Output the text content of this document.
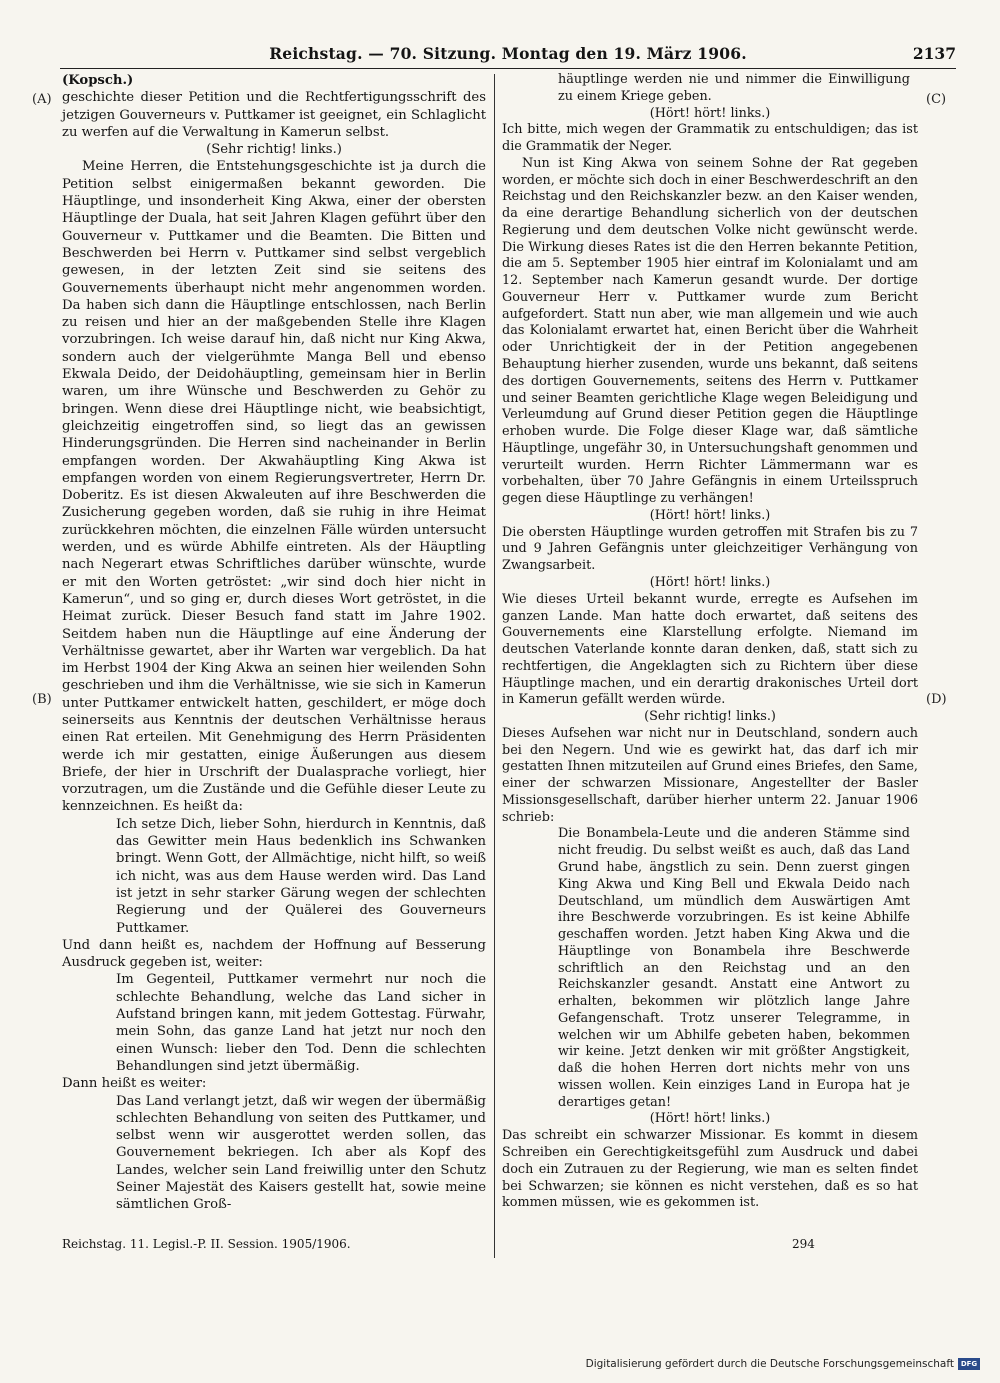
Reichstag. — 70. Sitzung. Montag den 19. März 1906.	2137

(Kopsch.)

geschichte dieser Petition und die Rechtfertigungsschrift des jetzigen Gouverneurs v. Puttkamer ist geeignet, ein Schlaglicht zu werfen auf die Verwaltung in Kamerun selbst.

(Sehr richtig! links.)

Meine Herren, die Entstehungsgeschichte ist ja durch die Petition selbst einigermaßen bekannt geworden. Die Häuptlinge, und insonderheit King Akwa, einer der obersten Häuptlinge der Duala, hat seit Jahren Klagen geführt über den Gouverneur v. Puttkamer und die Beamten. Die Bitten und Beschwerden bei Herrn v. Puttkamer sind selbst vergeblich gewesen, in der letzten Zeit sind sie seitens des Gouvernements überhaupt nicht mehr angenommen worden. Da haben sich dann die Häuptlinge entschlossen, nach Berlin zu reisen und hier an der maßgebenden Stelle ihre Klagen vorzubringen. Ich weise darauf hin, daß nicht nur King Akwa, sondern auch der vielgerühmte Manga Bell und ebenso Ekwala Deido, der Deidohäuptling, gemeinsam hier in Berlin waren, um ihre Wünsche und Beschwerden zu Gehör zu bringen. Wenn diese drei Häuptlinge nicht, wie beabsichtigt, gleichzeitig eingetroffen sind, so liegt das an gewissen Hinderungsgründen. Die Herren sind nacheinander in Berlin empfangen worden. Der Akwahäuptling King Akwa ist empfangen worden von einem Regierungsvertreter, Herrn Dr. Doberitz. Es ist diesen Akwaleuten auf ihre Beschwerden die Zusicherung gegeben worden, daß sie ruhig in ihre Heimat zurückkehren möchten, die einzelnen Fälle würden untersucht werden, und es würde Abhilfe eintreten. Als der Häuptling nach Negerart etwas Schriftliches darüber wünschte, wurde er mit den Worten getröstet: „wir sind doch hier nicht in Kamerun“, und so ging er, durch dieses Wort getröstet, in die Heimat zurück. Dieser Besuch fand statt im Jahre 1902. Seitdem haben nun die Häuptlinge auf eine Änderung der Verhältnisse gewartet, aber ihr Warten war vergeblich. Da hat im Herbst 1904 der King Akwa an seinen hier weilenden Sohn geschrieben und ihm die Verhältnisse, wie sie sich in Kamerun unter Puttkamer entwickelt hatten, geschildert, er möge doch seinerseits aus Kenntnis der deutschen Verhältnisse heraus einen Rat erteilen. Mit Genehmigung des Herrn Präsidenten werde ich mir gestatten, einige Äußerungen aus diesem Briefe, der hier in Urschrift der Dualasprache vorliegt, hier vorzutragen, um die Zustände und die Gefühle dieser Leute zu kennzeichnen. Es heißt da:

Ich setze Dich, lieber Sohn, hierdurch in Kenntnis, daß das Gewitter mein Haus bedenklich ins Schwanken bringt. Wenn Gott, der Allmächtige, nicht hilft, so weiß ich nicht, was aus dem Hause werden wird. Das Land ist jetzt in sehr starker Gärung wegen der schlechten Regierung und der Quälerei des Gouverneurs Puttkamer.

Und dann heißt es, nachdem der Hoffnung auf Besserung Ausdruck gegeben ist, weiter:

Im Gegenteil, Puttkamer vermehrt nur noch die schlechte Behandlung, welche das Land sicher in Aufstand bringen kann, mit jedem Gottestag. Fürwahr, mein Sohn, das ganze Land hat jetzt nur noch den einen Wunsch: lieber den Tod. Denn die schlechten Behandlungen sind jetzt übermäßig.

Dann heißt es weiter:

Das Land verlangt jetzt, daß wir wegen der übermäßig schlechten Behandlung von seiten des Puttkamer, und selbst wenn wir ausgerottet werden sollen, das Gouvernement bekriegen. Ich aber als Kopf des Landes, welcher sein Land freiwillig unter den Schutz Seiner Majestät des Kaisers gestellt hat, sowie meine sämtlichen Groß-

häuptlinge werden nie und nimmer die Einwilligung zu einem Kriege geben.

(Hört! hört! links.)

Ich bitte, mich wegen der Grammatik zu entschuldigen; das ist die Grammatik der Neger.

Nun ist King Akwa von seinem Sohne der Rat gegeben worden, er möchte sich doch in einer Beschwerdeschrift an den Reichstag und den Reichskanzler bezw. an den Kaiser wenden, da eine derartige Behandlung sicherlich von der deutschen Regierung und dem deutschen Volke nicht gewünscht werde. Die Wirkung dieses Rates ist die den Herren bekannte Petition, die am 5. September 1905 hier eintraf im Kolonialamt und am 12. September nach Kamerun gesandt wurde. Der dortige Gouverneur Herr v. Puttkamer wurde zum Bericht aufgefordert. Statt nun aber, wie man allgemein und wie auch das Kolonialamt erwartet hat, einen Bericht über die Wahrheit oder Unrichtigkeit der in der Petition angegebenen Behauptung hierher zusenden, wurde uns bekannt, daß seitens des dortigen Gouvernements, seitens des Herrn v. Puttkamer und seiner Beamten gerichtliche Klage wegen Beleidigung und Verleumdung auf Grund dieser Petition gegen die Häuptlinge erhoben wurde. Die Folge dieser Klage war, daß sämtliche Häuptlinge, ungefähr 30, in Untersuchungshaft genommen und verurteilt wurden. Herrn Richter Lämmermann war es vorbehalten, über 70 Jahre Gefängnis in einem Urteilsspruch gegen diese Häuptlinge zu verhängen!

(Hört! hört! links.)

Die obersten Häuptlinge wurden getroffen mit Strafen bis zu 7 und 9 Jahren Gefängnis unter gleichzeitiger Verhängung von Zwangsarbeit.

(Hört! hört! links.)

Wie dieses Urteil bekannt wurde, erregte es Aufsehen im ganzen Lande. Man hatte doch erwartet, daß seitens des Gouvernements eine Klarstellung erfolgte. Niemand im deutschen Vaterlande konnte daran denken, daß, statt sich zu rechtfertigen, die Angeklagten sich zu Richtern über diese Häuptlinge machen, und ein derartig drakonisches Urteil dort in Kamerun gefällt werden würde.

(Sehr richtig! links.)

Dieses Aufsehen war nicht nur in Deutschland, sondern auch bei den Negern. Und wie es gewirkt hat, das darf ich mir gestatten Ihnen mitzuteilen auf Grund eines Briefes, den Same, einer der schwarzen Missionare, Angestellter der Basler Missionsgesellschaft, darüber hierher unterm 22. Januar 1906 schrieb:

Die Bonambela-Leute und die anderen Stämme sind nicht freudig. Du selbst weißt es auch, daß das Land Grund habe, ängstlich zu sein. Denn zuerst gingen King Akwa und King Bell und Ekwala Deido nach Deutschland, um mündlich dem Auswärtigen Amt ihre Beschwerde vorzubringen. Es ist keine Abhilfe geschaffen worden. Jetzt haben King Akwa und die Häuptlinge von Bonambela ihre Beschwerde schriftlich an den Reichstag und an den Reichskanzler gesandt. Anstatt eine Antwort zu erhalten, bekommen wir plötzlich lange Jahre Gefangenschaft. Trotz unserer Telegramme, in welchen wir um Abhilfe gebeten haben, bekommen wir keine. Jetzt denken wir mit größter Angstigkeit, daß die hohen Herren dort nichts mehr von uns wissen wollen. Kein einziges Land in Europa hat je derartiges getan!

(Hört! hört! links.)

Das schreibt ein schwarzer Missionar. Es kommt in diesem Schreiben ein Gerechtigkeitsgefühl zum Ausdruck und dabei doch ein Zutrauen zu der Regierung, wie man es selten findet bei Schwarzen; sie können es nicht verstehen, daß es so hat kommen müssen, wie es gekommen ist.

(A)
(B)
(C)
(D)
Reichstag. 11. Legisl.-P. II. Session. 1905/1906.	294
Digitalisierung gefördert durch die Deutsche Forschungsgemeinschaft DFG
